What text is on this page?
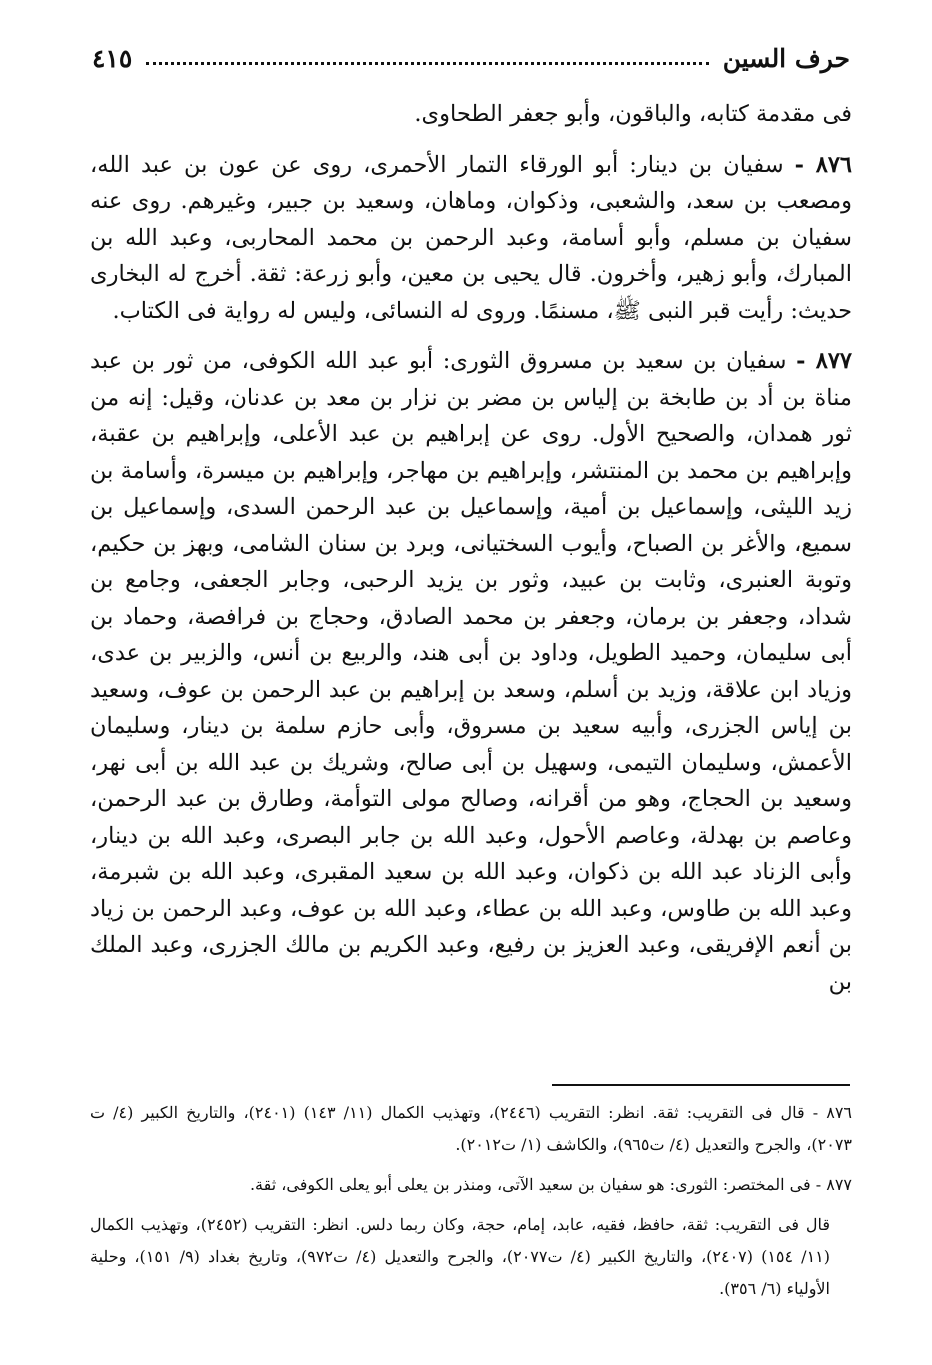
حرف السين
٤١٥

فى مقدمة كتابه، والباقون، وأبو جعفر الطحاوى.

٨٧٦ - سفيان بن دينار: أبو الورقاء التمار الأحمرى، روى عن عون بن عبد الله، ومصعب بن سعد، والشعبى، وذكوان، وماهان، وسعيد بن جبير، وغيرهم. روى عنه سفيان بن مسلم، وأبو أسامة، وعبد الرحمن بن محمد المحاربى، وعبد الله بن المبارك، وأبو زهير، وأخرون. قال يحيى بن معين، وأبو زرعة: ثقة. أخرج له البخارى حديث: رأيت قبر النبى ﷺ، مسنمًا. وروى له النسائى، وليس له رواية فى الكتاب.

٨٧٧ - سفيان بن سعيد بن مسروق الثورى: أبو عبد الله الكوفى، من ثور بن عبد مناة بن أد بن طابخة بن إلياس بن مضر بن نزار بن معد بن عدنان، وقيل: إنه من ثور همدان، والصحيح الأول. روى عن إبراهيم بن عبد الأعلى، وإبراهيم بن عقبة، وإبراهيم بن محمد بن المنتشر، وإبراهيم بن مهاجر، وإبراهيم بن ميسرة، وأسامة بن زيد الليثى، وإسماعيل بن أمية، وإسماعيل بن عبد الرحمن السدى، وإسماعيل بن سميع، والأغر بن الصباح، وأيوب السختيانى، وبرد بن سنان الشامى، وبهز بن حكيم، وتوبة العنبرى، وثابت بن عبيد، وثور بن يزيد الرحبى، وجابر الجعفى، وجامع بن شداد، وجعفر بن برمان، وجعفر بن محمد الصادق، وحجاج بن فرافصة، وحماد بن أبى سليمان، وحميد الطويل، وداود بن أبى هند، والربيع بن أنس، والزبير بن عدى، وزياد ابن علاقة، وزيد بن أسلم، وسعد بن إبراهيم بن عبد الرحمن بن عوف، وسعيد بن إياس الجزرى، وأبيه سعيد بن مسروق، وأبى حازم سلمة بن دينار، وسليمان الأعمش، وسليمان التيمى، وسهيل بن أبى صالح، وشريك بن عبد الله بن أبى نهر، وسعيد بن الحجاج، وهو من أقرانه، وصالح مولى التوأمة، وطارق بن عبد الرحمن، وعاصم بن بهدلة، وعاصم الأحول، وعبد الله بن جابر البصرى، وعبد الله بن دينار، وأبى الزناد عبد الله بن ذكوان، وعبد الله بن سعيد المقبرى، وعبد الله بن شبرمة، وعبد الله بن طاوس، وعبد الله بن عطاء، وعبد الله بن عوف، وعبد الرحمن بن زياد بن أنعم الإفريقى، وعبد العزيز بن رفيع، وعبد الكريم بن مالك الجزرى، وعبد الملك بن

٨٧٦ - قال فى التقريب: ثقة. انظر: التقريب (٢٤٤٦)، وتهذيب الكمال (١١/ ١٤٣) (٢٤٠١)، والتاريخ الكبير (٤/ ت ٢٠٧٣)، والجرح والتعديل (٤/ ت٩٦٥)، والكاشف (١/ ت٢٠١٢).

٨٧٧ - فى المختصر: الثورى: هو سفيان بن سعيد الآتى، ومنذر بن يعلى أبو يعلى الكوفى، ثقة.

قال فى التقريب: ثقة، حافظ، فقيه، عابد، إمام، حجة، وكان ربما دلس. انظر: التقريب (٢٤٥٢)، وتهذيب الكمال (١١/ ١٥٤) (٢٤٠٧)، والتاريخ الكبير (٤/ ت٢٠٧٧)، والجرح والتعديل (٤/ ت٩٧٢)، وتاريخ بغداد (٩/ ١٥١)، وحلية الأولياء (٦/ ٣٥٦).
